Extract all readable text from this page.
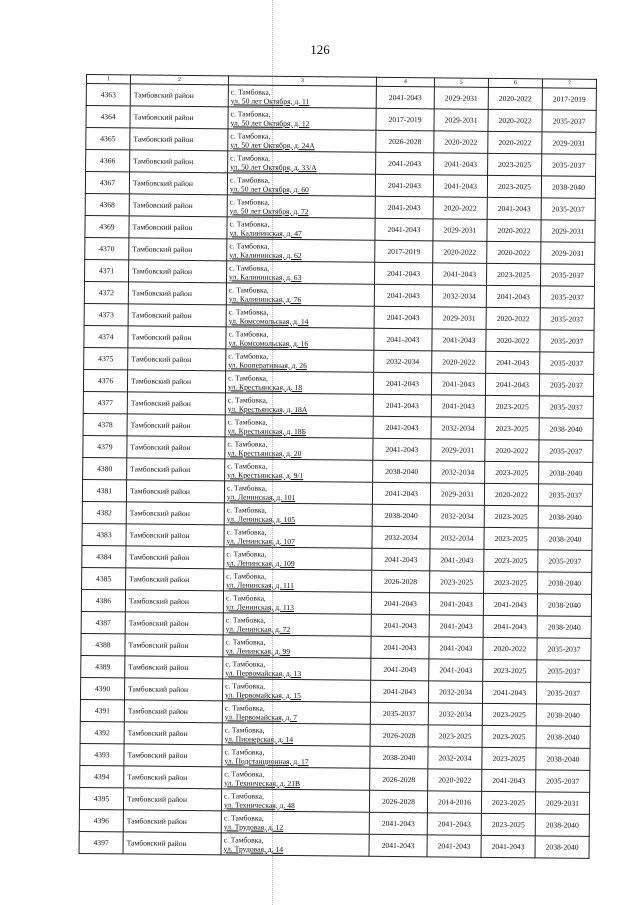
126
1	2	3	4	5	6	7
4363	Тамбовский район	с. Тамбовка,
ул. 50 лет Октября, д. 11	2041-2043	2029-2031	2020-2022	2017-2019
4364	Тамбовский район	с. Тамбовка,
ул. 50 лет Октября, д. 12	2017-2019	2029-2031	2020-2022	2035-2037
4365	Тамбовский район	с. Тамбовка,
ул. 50 лет Октября, д. 24А	2026-2028	2020-2022	2020-2022	2029-2031
4366	Тамбовский район	с. Тамбовка,
ул. 50 лет Октября, д. 33/А	2041-2043	2041-2043	2023-2025	2035-2037
4367	Тамбовский район	с. Тамбовка,
ул. 50 лет Октября, д. 60	2041-2043	2041-2043	2023-2025	2038-2040
4368	Тамбовский район	с. Тамбовка,
ул. 50 лет Октября, д. 72	2041-2043	2020-2022	2041-2043	2035-2037
4369	Тамбовский район	с. Тамбовка,
ул. Калининская, д. 47	2041-2043	2029-2031	2020-2022	2029-2031
4370	Тамбовский район	с. Тамбовка,
ул. Калининская, д. 62	2017-2019	2020-2022	2020-2022	2029-2031
4371	Тамбовский район	с. Тамбовка,
ул. Калининская, д. 63	2041-2043	2041-2043	2023-2025	2035-2037
4372	Тамбовский район	с. Тамбовка,
ул. Калининская, д. 76	2041-2043	2032-2034	2041-2043	2035-2037
4373	Тамбовский район	с. Тамбовка,
ул. Комсомольская, д. 14	2041-2043	2029-2031	2020-2022	2035-2037
4374	Тамбовский район	с. Тамбовка,
ул. Комсомольская, д. 16	2041-2043	2041-2043	2020-2022	2035-2037
4375	Тамбовский район	с. Тамбовка,
ул. Кооперативная, д. 26	2032-2034	2020-2022	2041-2043	2035-2037
4376	Тамбовский район	с. Тамбовка,
ул. Крестьянская, д. 18	2041-2043	2041-2043	2041-2043	2035-2037
4377	Тамбовский район	с. Тамбовка,
ул. Крестьянская, д. 18А	2041-2043	2041-2043	2023-2025	2035-2037
4378	Тамбовский район	с. Тамбовка,
ул. Крестьянская, д. 18Б	2041-2043	2032-2034	2023-2025	2038-2040
4379	Тамбовский район	с. Тамбовка,
ул. Крестьянская, д. 20	2041-2043	2029-2031	2020-2022	2035-2037
4380	Тамбовский район	с. Тамбовка,
ул. Крестьянская, д. 9/1	2038-2040	2032-2034	2023-2025	2038-2040
4381	Тамбовский район	с. Тамбовка,
ул. Ленинская, д. 101	2041-2043	2029-2031	2020-2022	2035-2037
4382	Тамбовский район	с. Тамбовка,
ул. Ленинская, д. 105	2038-2040	2032-2034	2023-2025	2038-2040
4383	Тамбовский район	с. Тамбовка,
ул. Ленинская, д. 107	2032-2034	2032-2034	2023-2025	2038-2040
4384	Тамбовский район	с. Тамбовка,
ул. Ленинская, д. 109	2041-2043	2041-2043	2023-2025	2035-2037
4385	Тамбовский район	с. Тамбовка,
ул. Ленинская, д. 111	2026-2028	2023-2025	2023-2025	2038-2040
4386	Тамбовский район	с. Тамбовка,
ул. Ленинская, д. 113	2041-2043	2041-2043	2041-2043	2038-2040
4387	Тамбовский район	с. Тамбовка,
ул. Ленинская, д. 72	2041-2043	2041-2043	2041-2043	2038-2040
4388	Тамбовский район	с. Тамбовка,
ул. Ленинская, д. 99	2041-2043	2041-2043	2020-2022	2035-2037
4389	Тамбовский район	с. Тамбовка,
ул. Первомайская, д. 13	2041-2043	2041-2043	2023-2025	2035-2037
4390	Тамбовский район	с. Тамбовка,
ул. Первомайская, д. 15	2041-2043	2032-2034	2041-2043	2035-2037
4391	Тамбовский район	с. Тамбовка,
ул. Первомайская, д. 7	2035-2037	2032-2034	2023-2025	2038-2040
4392	Тамбовский район	с. Тамбовка,
ул. Пионерская, д. 14	2026-2028	2023-2025	2023-2025	2038-2040
4393	Тамбовский район	с. Тамбовка,
ул. Подстанционная, д. 17	2038-2040	2032-2034	2023-2025	2038-2040
4394	Тамбовский район	с. Тамбовка,
ул. Техническая, д. 21В	2026-2028	2020-2022	2041-2043	2035-2037
4395	Тамбовский район	с. Тамбовка,
ул. Техническая, д. 48	2026-2028	2014-2016	2023-2025	2029-2031
4396	Тамбовский район	с. Тамбовка,
ул. Трудовая, д. 12	2041-2043	2041-2043	2023-2025	2038-2040
4397	Тамбовский район	с. Тамбовка,
ул. Трудовая, д. 14	2041-2043	2041-2043	2041-2043	2038-2040
